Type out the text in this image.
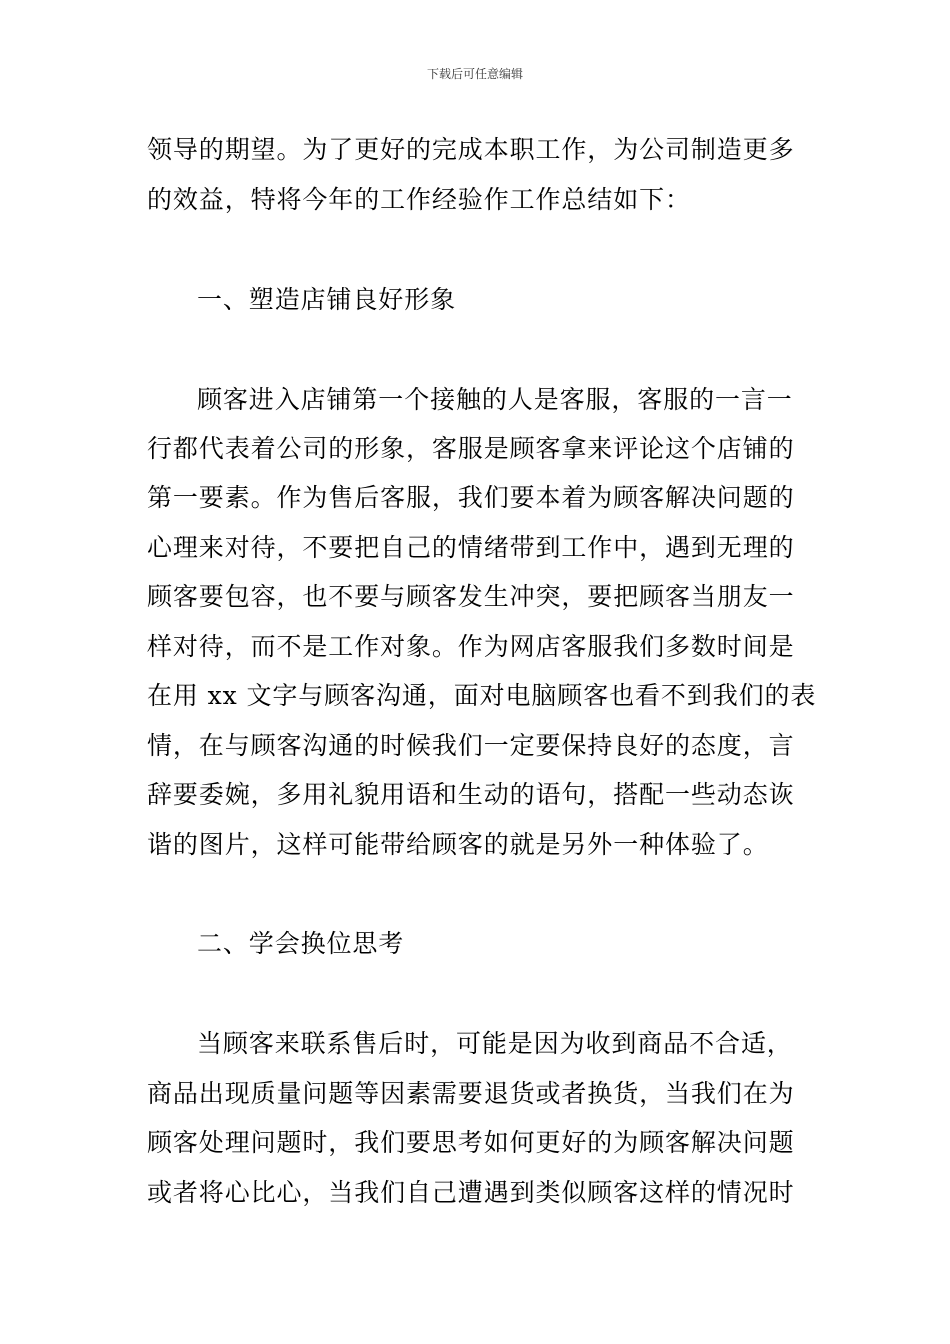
下载后可任意编辑
领导的期望。为了更好的完成本职工作，为公司制造更多
的效益，特将今年的工作经验作工作总结如下：
一、塑造店铺良好形象
顾客进入店铺第一个接触的人是客服，客服的一言一
行都代表着公司的形象，客服是顾客拿来评论这个店铺的
第一要素。作为售后客服，我们要本着为顾客解决问题的
心理来对待，不要把自己的情绪带到工作中，遇到无理的
顾客要包容，也不要与顾客发生冲突，要把顾客当朋友一
样对待，而不是工作对象。作为网店客服我们多数时间是
在用 xx 文字与顾客沟通，面对电脑顾客也看不到我们的表
情，在与顾客沟通的时候我们一定要保持良好的态度，言
辞要委婉，多用礼貌用语和生动的语句，搭配一些动态诙
谐的图片，这样可能带给顾客的就是另外一种体验了。
二、学会换位思考
当顾客来联系售后时，可能是因为收到商品不合适，
商品出现质量问题等因素需要退货或者换货，当我们在为
顾客处理问题时，我们要思考如何更好的为顾客解决问题
或者将心比心，当我们自己遭遇到类似顾客这样的情况时
